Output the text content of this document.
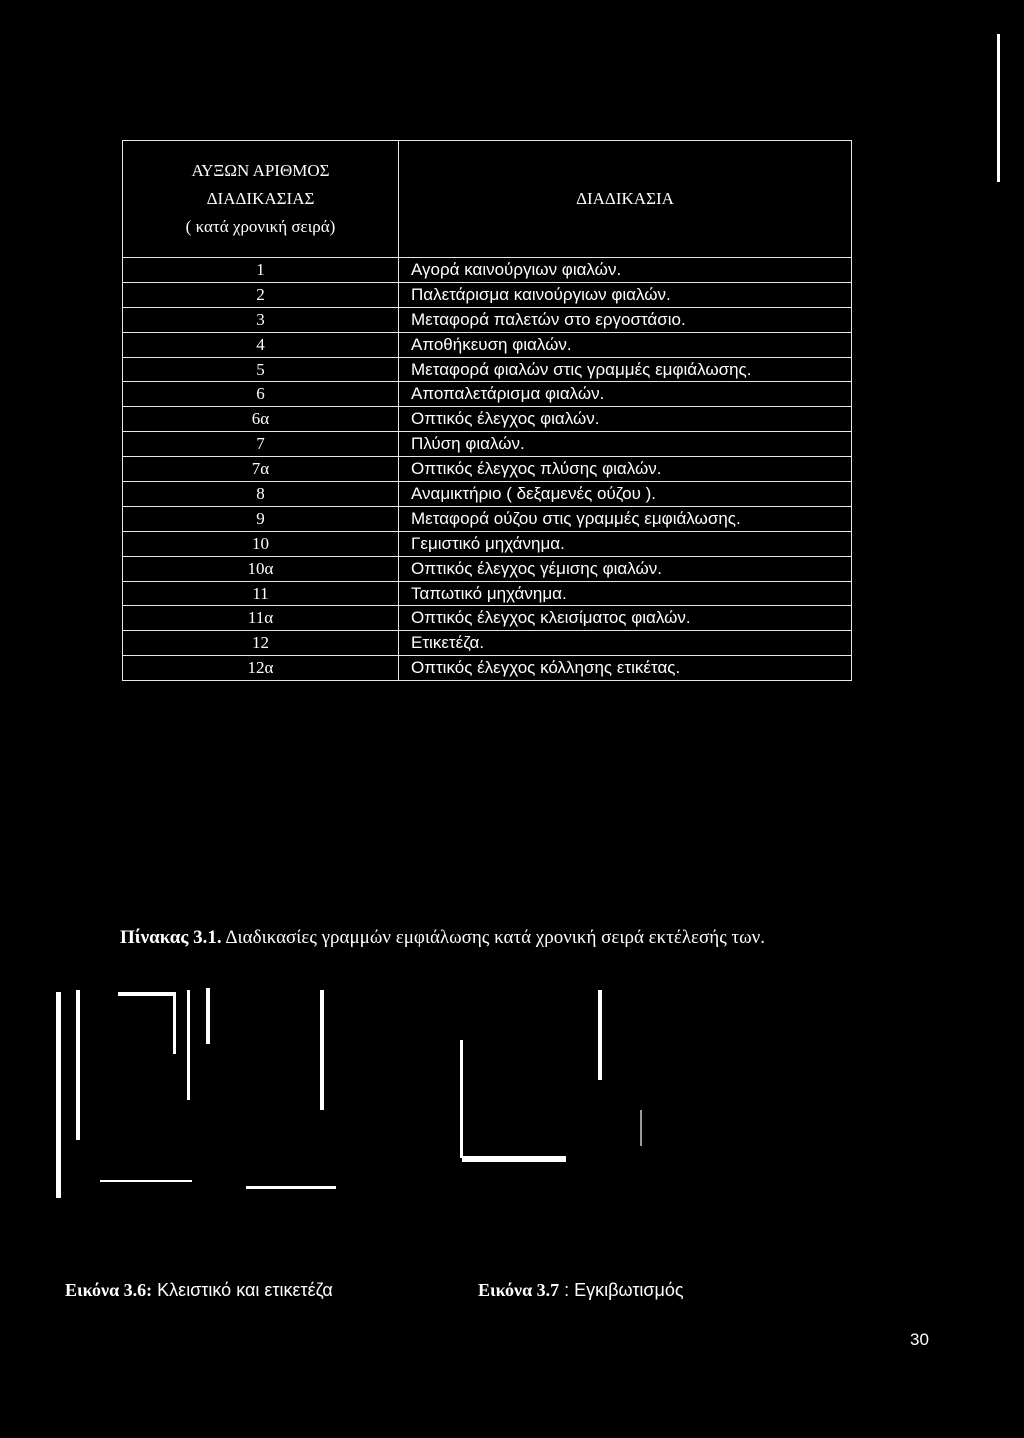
ΑΥΞΩΝ ΑΡΙΘΜΟΣ
ΔΙΑΔΙΚΑΣΙΑΣ
( κατά χρονική σειρά)	ΔΙΑΔΙΚΑΣΙΑ
1	Αγορά καινούργιων φιαλών.
2	Παλετάρισμα καινούργιων φιαλών.
3	Μεταφορά παλετών στο εργοστάσιο.
4	Αποθήκευση φιαλών.
5	Μεταφορά φιαλών στις γραμμές εμφιάλωσης.
6	Αποπαλετάρισμα φιαλών.
6α	Οπτικός έλεγχος φιαλών.
7	Πλύση φιαλών.
7α	Οπτικός έλεγχος πλύσης φιαλών.
8	Αναμικτήριο ( δεξαμενές ούζου ).
9	Μεταφορά ούζου στις γραμμές εμφιάλωσης.
10	Γεμιστικό μηχάνημα.
10α	Οπτικός έλεγχος γέμισης φιαλών.
11	Ταπωτικό μηχάνημα.
11α	Οπτικός έλεγχος κλεισίματος φιαλών.
12	Ετικετέζα.
12α	Οπτικός έλεγχος κόλλησης ετικέτας.
Πίνακας 3.1. Διαδικασίες γραμμών εμφιάλωσης κατά χρονική σειρά εκτέλεσής των.
Εικόνα 3.6: Κλειστικό και ετικετέζα	Εικόνα 3.7 : Εγκιβωτισμός
30
